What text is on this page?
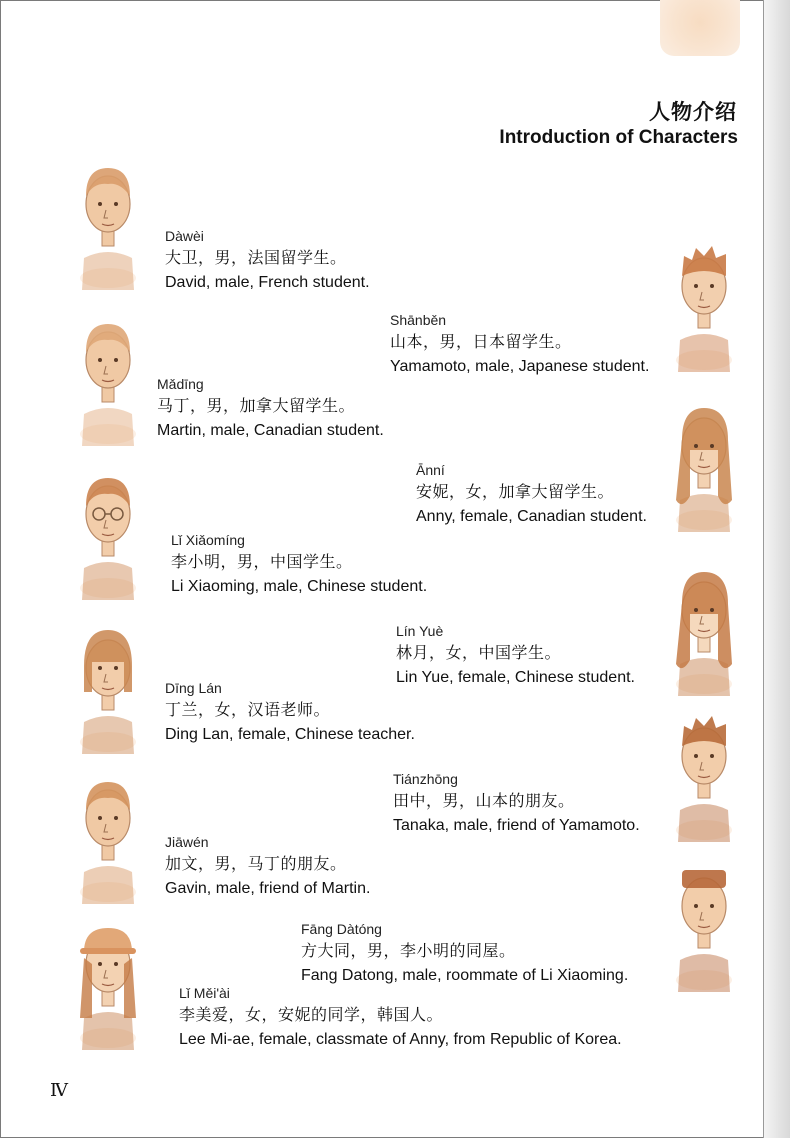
人物介绍
Introduction of Characters
Dàwèi
大卫，男，法国留学生。
David, male, French student.
Shānběn
山本，男，日本留学生。
Yamamoto, male, Japanese student.
Mǎdīng
马丁，男，加拿大留学生。
Martin, male, Canadian student.
Ānní
安妮，女，加拿大留学生。
Anny, female, Canadian student.
Lǐ Xiǎomíng
李小明，男，中国学生。
Li Xiaoming, male, Chinese student.
Lín Yuè
林月，女，中国学生。
Lin Yue, female, Chinese student.
Dīng Lán
丁兰，女，汉语老师。
Ding Lan, female, Chinese teacher.
Tiánzhōng
田中，男，山本的朋友。
Tanaka, male, friend of Yamamoto.
Jiāwén
加文，男，马丁的朋友。
Gavin, male, friend of Martin.
Fāng Dàtóng
方大同，男，李小明的同屋。
Fang Datong, male, roommate of Li Xiaoming.
Lǐ Měi'ài
李美爱，女，安妮的同学，韩国人。
Lee Mi-ae, female, classmate of Anny, from Republic of Korea.
Ⅳ
